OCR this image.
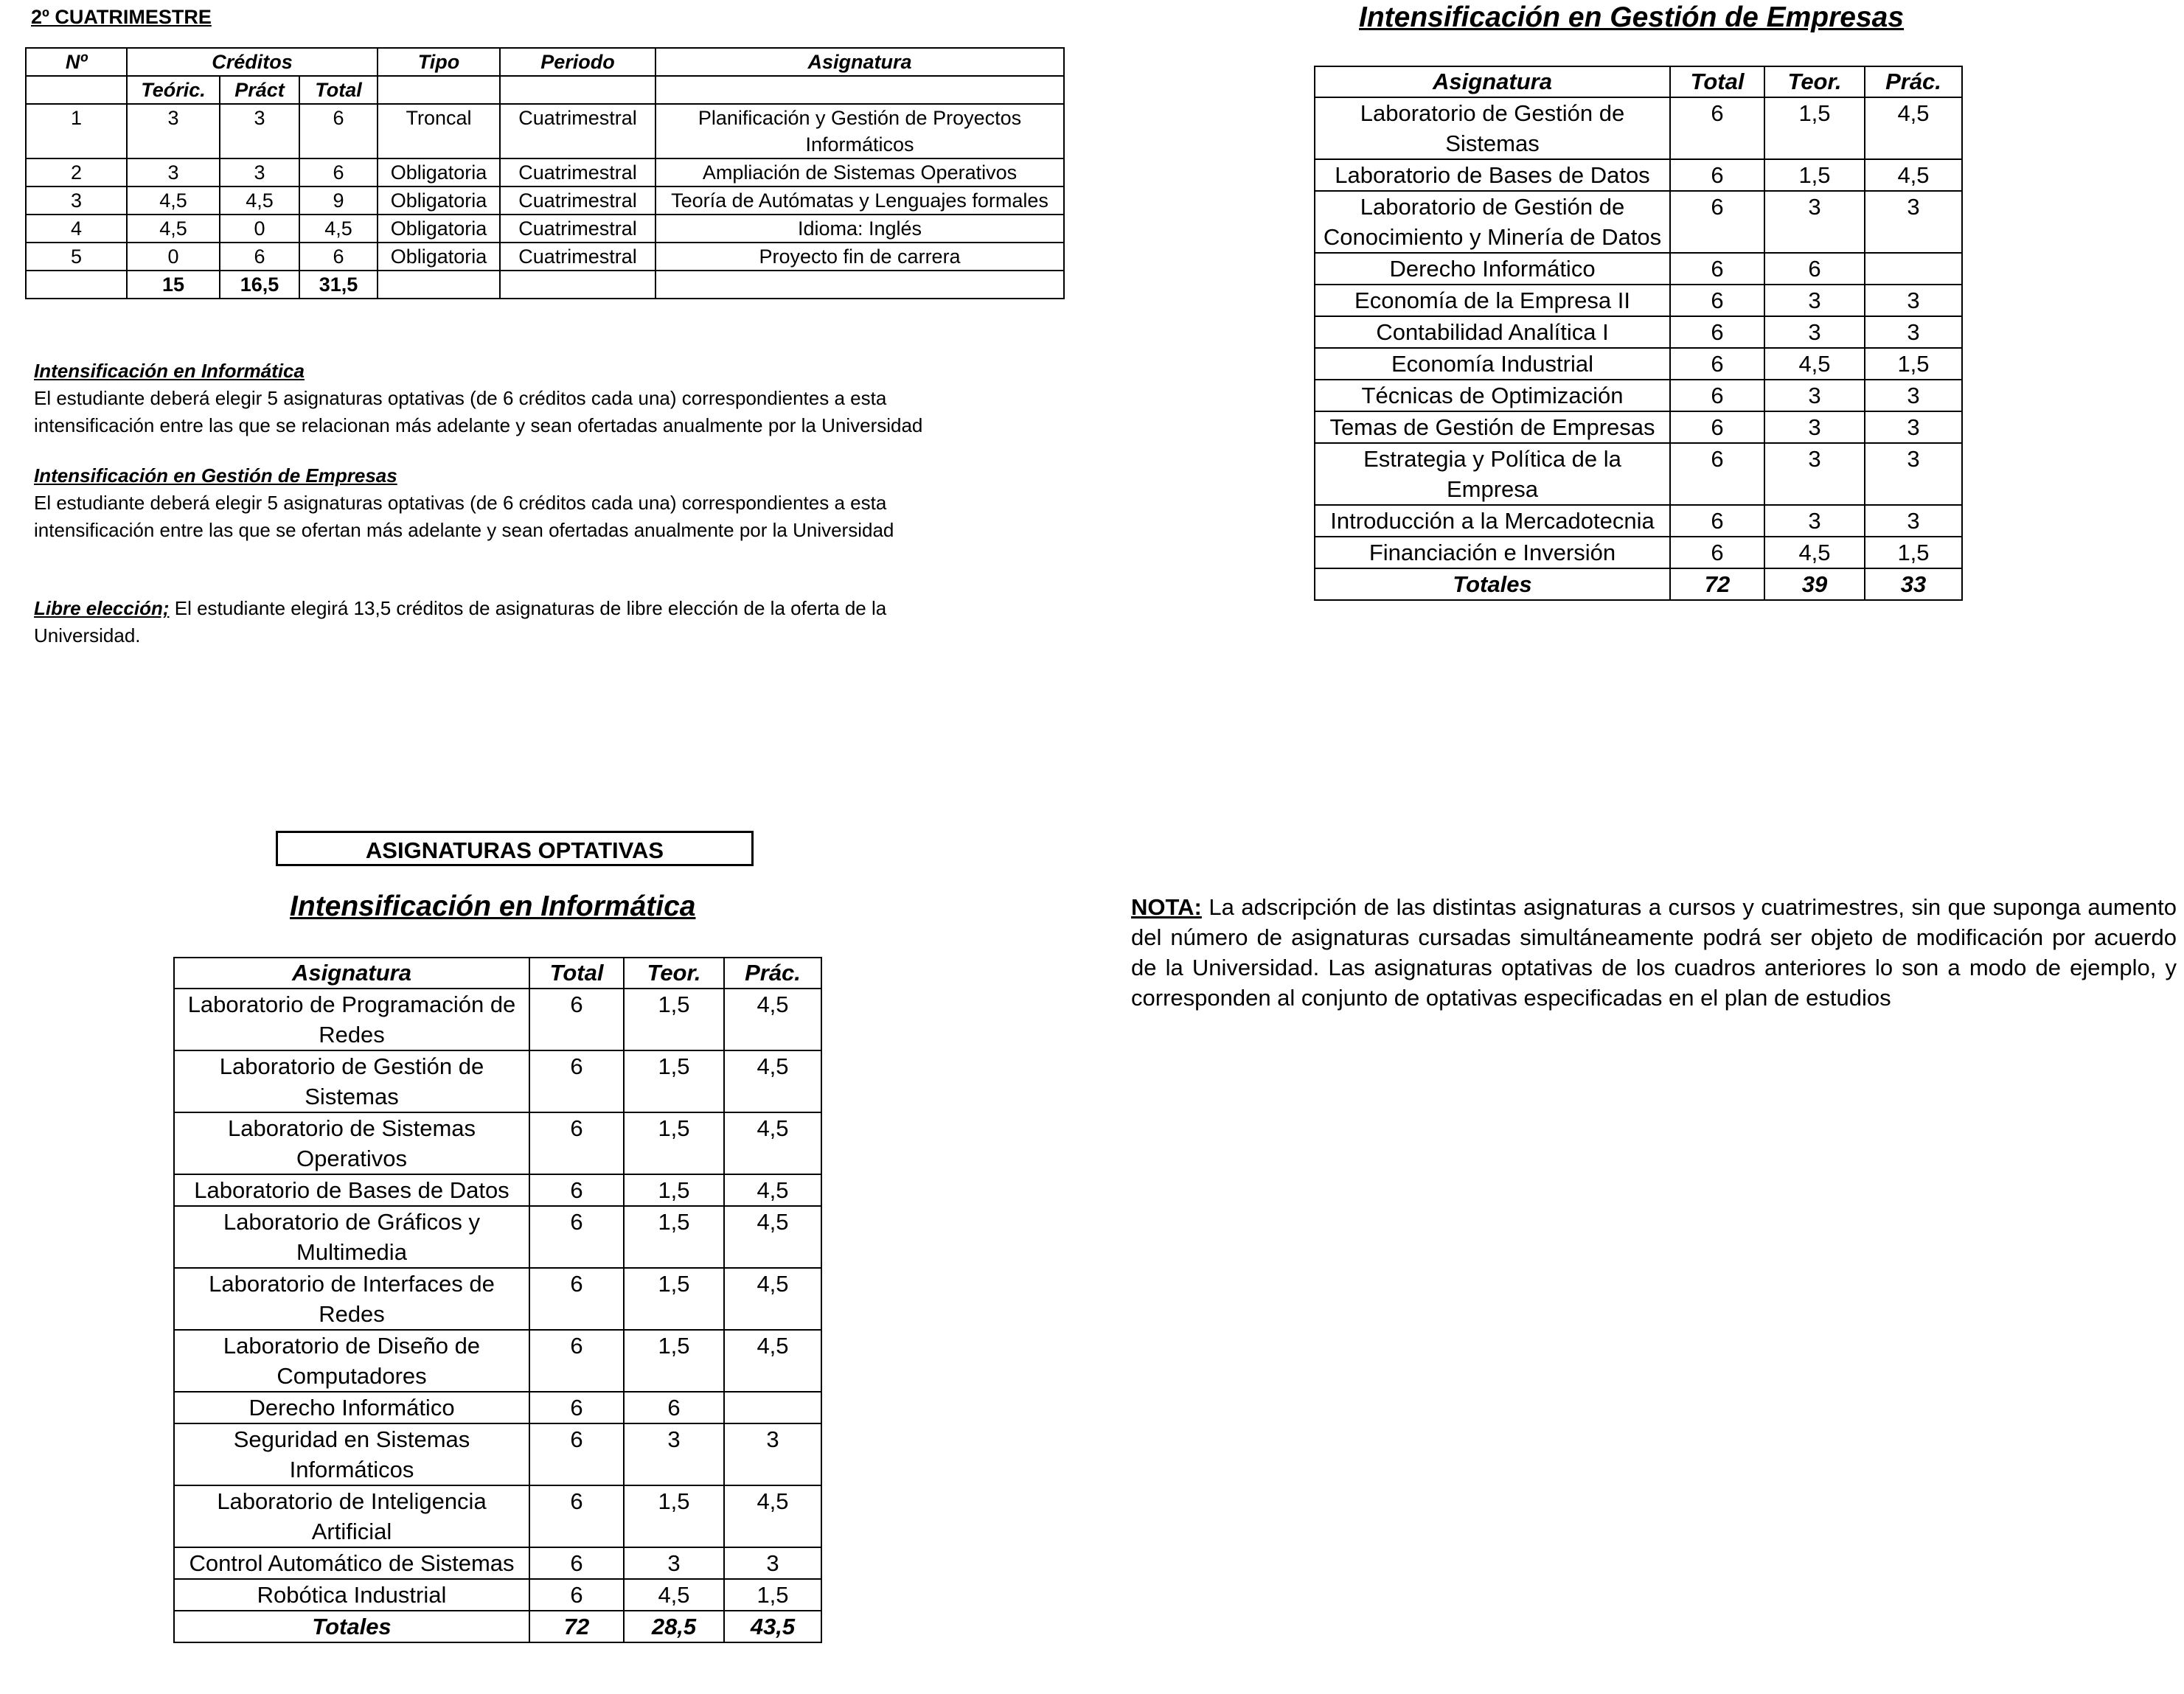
2º CUATRIMESTRE
Nº	Créditos			Tipo	Periodo	Asignatura
	Teóric.	Práct	Total			
1	3	3	6	Troncal	Cuatrimestral	Planificación y Gestión de Proyectos Informáticos
2	3	3	6	Obligatoria	Cuatrimestral	Ampliación de Sistemas Operativos
3	4,5	4,5	9	Obligatoria	Cuatrimestral	Teoría de Autómatas y Lenguajes formales
4	4,5	0	4,5	Obligatoria	Cuatrimestral	Idioma: Inglés
5	0	6	6	Obligatoria	Cuatrimestral	Proyecto fin de carrera
	15	16,5	31,5			
Intensificación en Informática
El estudiante deberá elegir 5 asignaturas optativas (de 6 créditos cada una) correspondientes a esta intensificación entre las que se relacionan más adelante y sean ofertadas anualmente por la Universidad
Intensificación en Gestión de Empresas
El estudiante deberá elegir 5 asignaturas optativas (de 6 créditos cada una) correspondientes a esta intensificación entre las que se ofertan más adelante y sean ofertadas anualmente por la Universidad
Libre elección; El estudiante elegirá 13,5 créditos de asignaturas de libre elección de la oferta de la Universidad.
Intensificación en Gestión de Empresas
Asignatura	Total	Teor.	Prác.
Laboratorio de Gestión de Sistemas	6	1,5	4,5
Laboratorio de Bases de Datos	6	1,5	4,5
Laboratorio de Gestión de Conocimiento y Minería de Datos	6	3	3
Derecho Informático	6	6	
Economía de la Empresa II	6	3	3
Contabilidad Analítica I	6	3	3
Economía Industrial	6	4,5	1,5
Técnicas de Optimización	6	3	3
Temas de Gestión de Empresas	6	3	3
Estrategia y Política de la Empresa	6	3	3
Introducción a la Mercadotecnia	6	3	3
Financiación e Inversión	6	4,5	1,5
Totales	72	39	33
ASIGNATURAS OPTATIVAS
Intensificación en Informática
Asignatura	Total	Teor.	Prác.
Laboratorio de Programación de Redes	6	1,5	4,5
Laboratorio de Gestión de Sistemas	6	1,5	4,5
Laboratorio de Sistemas Operativos	6	1,5	4,5
Laboratorio de Bases de Datos	6	1,5	4,5
Laboratorio de Gráficos y Multimedia	6	1,5	4,5
Laboratorio de Interfaces de Redes	6	1,5	4,5
Laboratorio de Diseño de Computadores	6	1,5	4,5
Derecho Informático	6	6	
Seguridad en Sistemas Informáticos	6	3	3
Laboratorio de Inteligencia Artificial	6	1,5	4,5
Control Automático de Sistemas	6	3	3
Robótica Industrial	6	4,5	1,5
Totales	72	28,5	43,5
NOTA: La adscripción de las distintas asignaturas a cursos y cuatrimestres, sin que suponga aumento del número de asignaturas cursadas simultáneamente podrá ser objeto de modificación por acuerdo de la Universidad. Las asignaturas optativas de los cuadros anteriores lo son a modo de ejemplo, y corresponden al conjunto de optativas especificadas en el plan de estudios
